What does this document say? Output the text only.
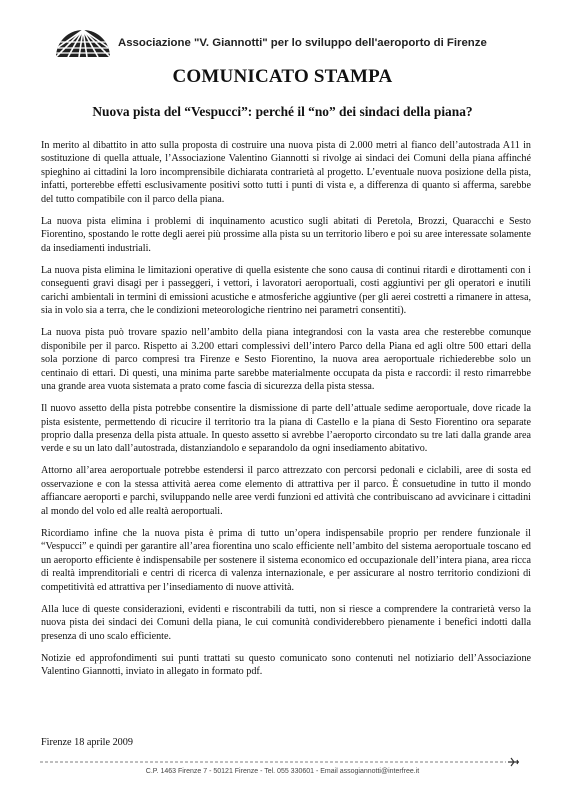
Associazione "V. Giannotti" per lo sviluppo dell'aeroporto di Firenze
COMUNICATO STAMPA
Nuova pista del “Vespucci”: perché il “no” dei sindaci della piana?

In merito al dibattito in atto sulla proposta di costruire una nuova pista di 2.000 metri al fianco dell’autostrada A11 in sostituzione di quella attuale, l’Associazione Valentino Giannotti si rivolge ai sindaci dei Comuni della piana affinché spieghino ai cittadini la loro incomprensibile dichiarata contrarietà al progetto. L’eventuale nuova posizione della pista, infatti, porterebbe effetti esclusivamente positivi sotto tutti i punti di vista e, a differenza di quanto si afferma, sarebbe del tutto compatibile con il parco della piana.

La nuova pista elimina i problemi di inquinamento acustico sugli abitati di Peretola, Brozzi, Quaracchi e Sesto Fiorentino, spostando le rotte degli aerei più prossime alla pista su un territorio libero e poi su aree interessate solamente da insediamenti industriali.

La nuova pista elimina le limitazioni operative di quella esistente che sono causa di continui ritardi e dirottamenti con i conseguenti gravi disagi per i passeggeri, i vettori, i lavoratori aeroportuali, costi aggiuntivi per gli operatori e inutili carichi ambientali in termini di emissioni acustiche e atmosferiche aggiuntive (per gli aerei costretti a rimanere in attesa, sia in volo sia a terra, che le condizioni meteorologiche rientrino nei parametri consentiti).

La nuova pista può trovare spazio nell’ambito della piana integrandosi con la vasta area che resterebbe comunque disponibile per il parco. Rispetto ai 3.200 ettari complessivi dell’intero Parco della Piana ed agli oltre 500 ettari della sola porzione di parco compresi tra Firenze e Sesto Fiorentino, la nuova area aeroportuale richiederebbe solo un centinaio di ettari. Di questi, una minima parte sarebbe materialmente occupata da pista e raccordi: il resto rimarrebbe una grande area vuota sistemata a prato come fascia di sicurezza della pista stessa.

Il nuovo assetto della pista potrebbe consentire la dismissione di parte dell’attuale sedime aeroportuale, dove ricade la pista esistente, permettendo di ricucire il territorio tra la piana di Castello e la piana di Sesto Fiorentino ora separate proprio dalla presenza della pista attuale. In questo assetto si avrebbe l’aeroporto circondato su tre lati dalla grande area verde e su un lato dall’autostrada, distanziandolo e separandolo da ogni insediamento abitativo.

Attorno all’area aeroportuale potrebbe estendersi il parco attrezzato con percorsi pedonali e ciclabili, aree di sosta ed osservazione e con la stessa attività aerea come elemento di attrattiva per il parco. È consuetudine in tutto il mondo affiancare aeroporti e parchi, sviluppando nelle aree verdi funzioni ed attività che contribuiscano ad avvicinare i cittadini al mondo del volo ed alle realtà aeroportuali.

Ricordiamo infine che la nuova pista è prima di tutto un’opera indispensabile proprio per rendere funzionale il “Vespucci” e quindi per garantire all’area fiorentina uno scalo efficiente nell’ambito del sistema aeroportuale toscano ed un aeroporto efficiente è indispensabile per sostenere il sistema economico ed occupazionale dell’intera piana, area ricca di realtà imprenditoriali e centri di ricerca di valenza internazionale, e per assicurare al nostro territorio condizioni di competitività ed attrattiva per l’insediamento di nuove attività.

Alla luce di queste considerazioni, evidenti e riscontrabili da tutti, non si riesce a comprendere la contrarietà verso la nuova pista dei sindaci dei Comuni della piana, le cui comunità condividerebbero pienamente i benefici indotti dalla presenza di uno scalo efficiente.

Notizie ed approfondimenti sui punti trattati su questo comunicato sono contenuti nel notiziario dell’Associazione Valentino Giannotti, inviato in allegato in formato pdf.

Firenze 18 aprile 2009

C.P. 1463 Firenze 7 - 50121 Firenze - Tel. 055 330601 - Email assogiannotti@interfree.it
